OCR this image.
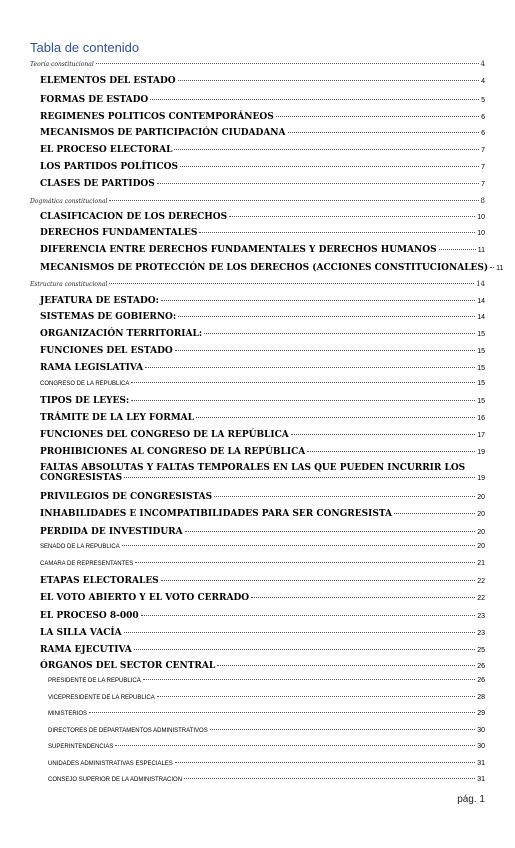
Tabla de contenido
Teoría constitucional	4
ELEMENTOS DEL ESTADO	4
FORMAS DE ESTADO	5
REGIMENES POLITICOS CONTEMPORÁNEOS	6
MECANISMOS DE PARTICIPACIÓN CIUDADANA	6
EL PROCESO ELECTORAL	7
LOS PARTIDOS POLÍTICOS	7
CLASES DE PARTIDOS	7
Dogmática constitucional	8
CLASIFICACION DE LOS DERECHOS	10
DERECHOS FUNDAMENTALES	10
DIFERENCIA ENTRE DERECHOS FUNDAMENTALES Y DERECHOS HUMANOS	11
MECANISMOS DE PROTECCIÓN DE LOS DERECHOS (ACCIONES CONSTITUCIONALES) 11
Estructura constitucional	14
JEFATURA DE ESTADO:	14
SISTEMAS DE GOBIERNO:	14
ORGANIZACIÓN TERRITORIAL:	15
FUNCIONES DEL ESTADO	15
RAMA LEGISLATIVA	15
CONGRESO DE LA REPUBLICA	15
TIPOS DE LEYES:	15
TRÁMITE DE LA LEY FORMAL	16
FUNCIONES DEL CONGRESO DE LA REPÚBLICA	17
PROHIBICIONES AL CONGRESO DE LA REPÚBLICA	19
FALTAS ABSOLUTAS Y FALTAS TEMPORALES EN LAS QUE PUEDEN INCURRIR LOS
CONGRESISTAS	19
PRIVILEGIOS DE CONGRESISTAS	20
INHABILIDADES E INCOMPATIBILIDADES PARA SER CONGRESISTA	20
PERDIDA DE INVESTIDURA	20
SENADO DE LA REPUBLICA	20
CAMARA DE REPRESENTANTES	21
ETAPAS ELECTORALES	22
EL VOTO ABIERTO Y EL VOTO CERRADO	22
EL PROCESO 8-000	23
LA SILLA VACÍA	23
RAMA EJECUTIVA	25
ÓRGANOS DEL SECTOR CENTRAL	26
PRESIDENTE DE LA REPUBLICA	26
VICEPRESIDENTE DE LA REPUBLICA	28
MINISTERIOS	29
DIRECTORES DE DEPARTAMENTOS ADMINISTRATIVOS	30
SUPERINTENDENCIAS	30
UNIDADES ADMINISTRATIVAS ESPECIALES	31
CONSEJO SUPERIOR DE LA ADMINISTRACION	31
pág. 1
